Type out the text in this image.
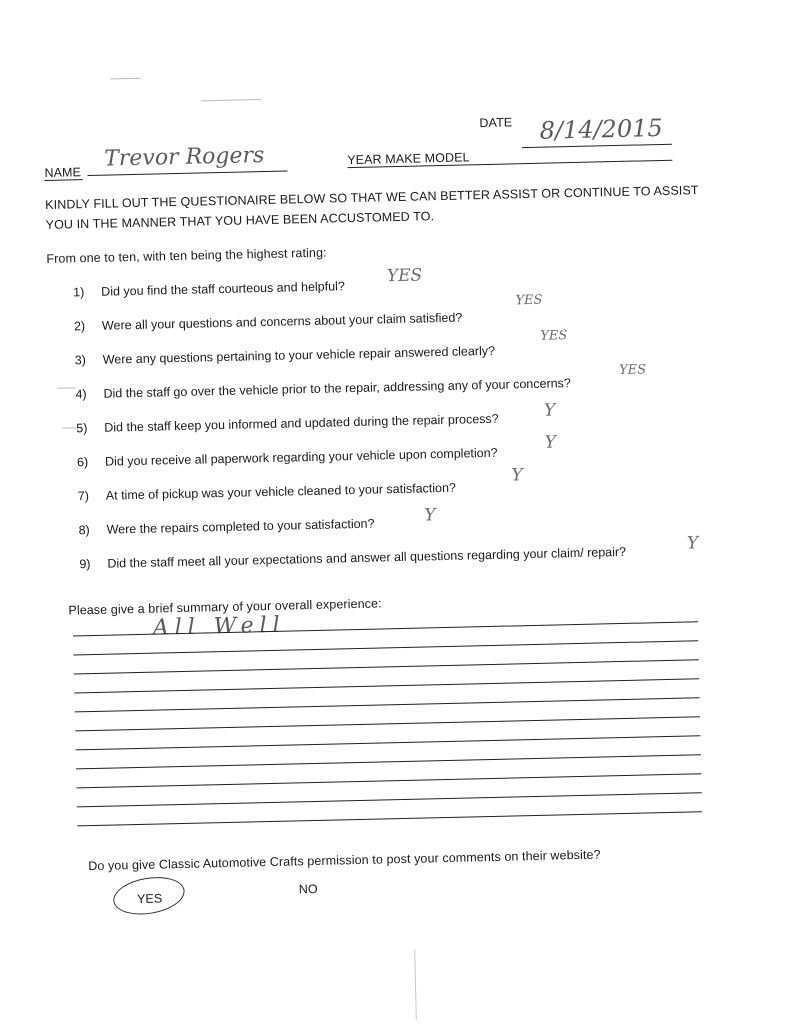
DATE 8/14/2015
NAME
Trevor Rogers	YEAR MAKE MODEL
KINDLY FILL OUT THE QUESTIONAIRE BELOW SO THAT WE CAN BETTER ASSIST OR CONTINUE TO ASSIST
YOU IN THE MANNER THAT YOU HAVE BEEN ACCUSTOMED TO.
From one to ten, with ten being the highest rating:
1) Did you find the staff courteous and helpful?
YES
2) Were all your questions and concerns about your claim satisfied?
YES
3) Were any questions pertaining to your vehicle repair answered clearly?
YES
4) Did the staff go over the vehicle prior to the repair, addressing any of your concerns?
YES
5) Did the staff keep you informed and updated during the repair process?
Y
6) Did you receive all paperwork regarding your vehicle upon completion?
Y
7) At time of pickup was your vehicle cleaned to your satisfaction?
Y
8) Were the repairs completed to your satisfaction?
Y
9) Did the staff meet all your expectations and answer all questions regarding your claim/ repair?
Y
Please give a brief summary of your overall experience:
All Well
Do you give Classic Automotive Crafts permission to post your comments on their website?
YES
NO
